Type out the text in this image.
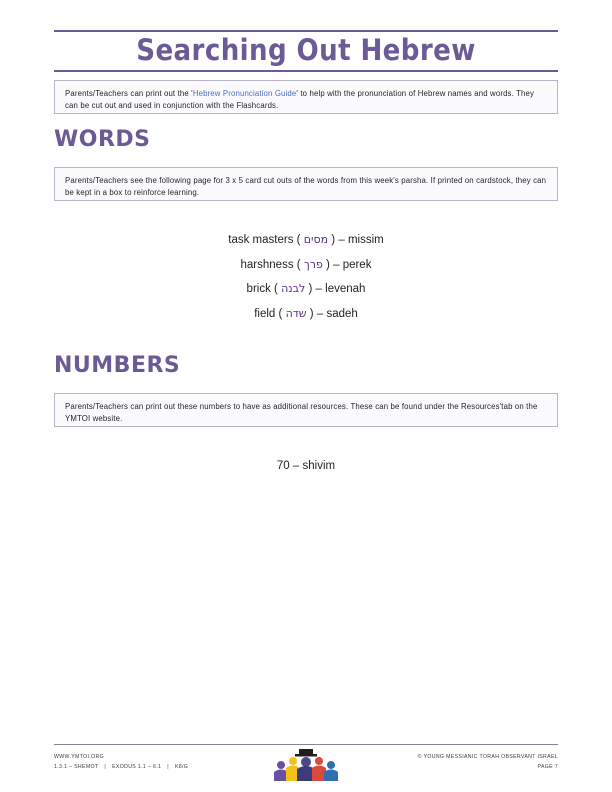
Searching Out Hebrew
Parents/Teachers can print out the 'Hebrew Pronunciation Guide' to help with the pronunciation of Hebrew names and words. They can be cut out and used in conjunction with the Flashcards.
WORDS
Parents/Teachers see the following page for 3 x 5 card cut outs of the words from this week's parsha. If printed on cardstock, they can be kept in a box to reinforce learning.
task masters ( מסים ) – missim
harshness ( פרך ) – perek
brick ( לבנה ) – levenah
field ( שדה ) – sadeh
NUMBERS
Parents/Teachers can print out these numbers to have as additional resources. These can be found under the Resources'tab on the YMTOI website.
70 – shivim
WWW.YMTOI.ORG
1.3.1 – SHEMOT | EXODUS 1.1 – 6.1 | K8/G
© YOUNG MESSIANIC TORAH OBSERVANT ISRAEL
PAGE 7
